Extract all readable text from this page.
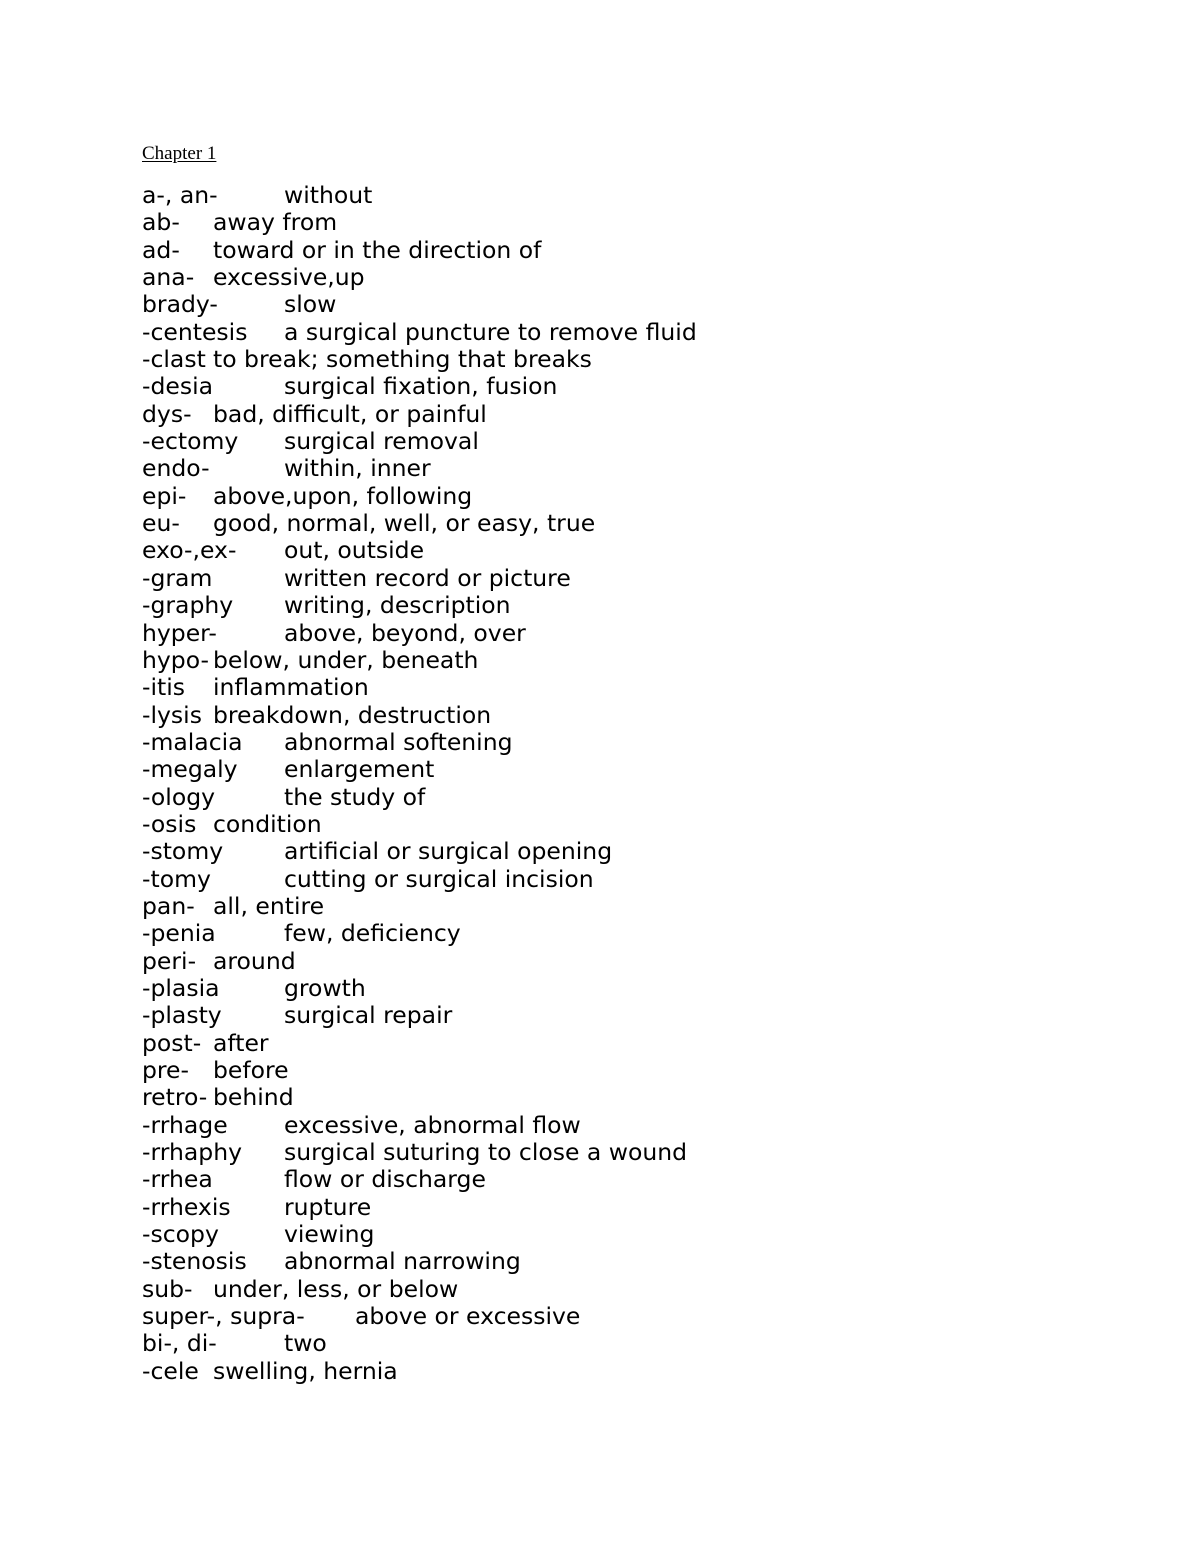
Chapter 1
a-, an-		without
ab-	away from
ad-	toward or in the direction of
ana-	excessive,up
brady-		slow
-centesis	a surgical puncture to remove fluid
-clast	to break; something that breaks
-desia		surgical fixation, fusion
dys-	bad, difficult, or painful
-ectomy	surgical removal
endo-		within, inner
epi-	above,upon, following
eu-	good, normal, well, or easy, true
exo-,ex-	out, outside
-gram		written record or picture
-graphy	writing, description
hyper-		above, beyond, over
hypo-	below, under, beneath
-itis	inflammation
-lysis	breakdown, destruction
-malacia	abnormal softening
-megaly	enlargement
-ology		the study of
-osis	condition
-stomy		artificial or surgical opening
-tomy		cutting or surgical incision
pan-	all, entire
-penia		few, deficiency
peri-	around
-plasia		growth
-plasty		surgical repair
post-	after
pre-	before
retro-	behind
-rrhage	excessive, abnormal flow
-rrhaphy	surgical suturing to close a wound
-rrhea		flow or discharge
-rrhexis	rupture
-scopy		viewing
-stenosis	abnormal narrowing
sub-	under, less, or below
super-, supra-	above or excessive
bi-, di-		two
-cele	swelling, hernia
